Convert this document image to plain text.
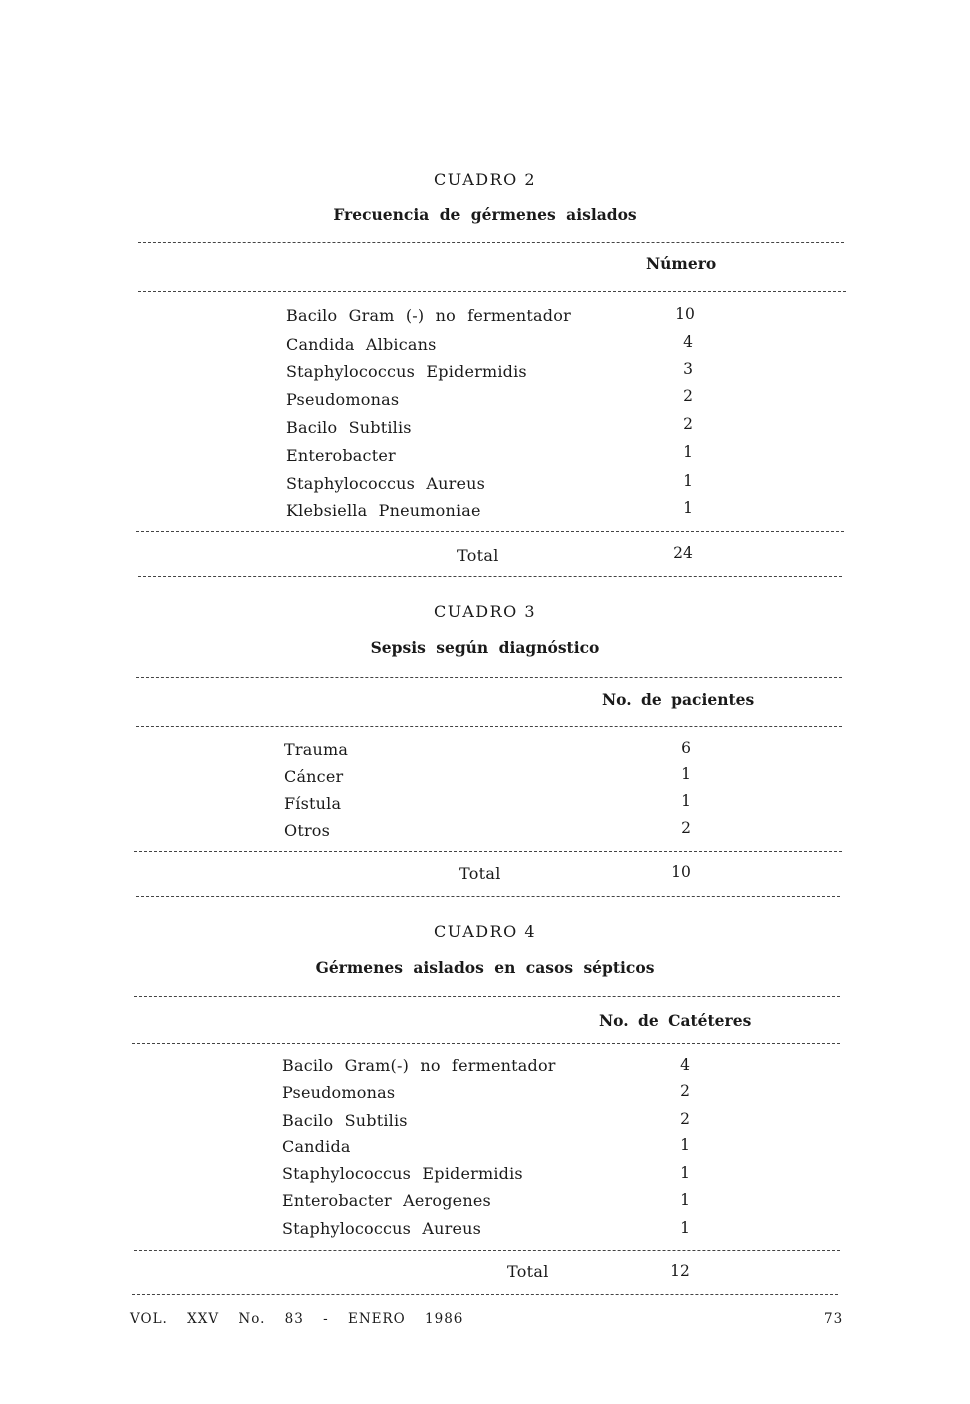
CUADRO 2
Frecuencia de gérmenes aislados
Número
Bacilo Gram (-) no fermentador	10
Candida Albicans	4
Staphylococcus Epidermidis	3
Pseudomonas	2
Bacilo Subtilis	2
Enterobacter	1
Staphylococcus Aureus	1
Klebsiella Pneumoniae	1
Total	24
CUADRO 3
Sepsis según diagnóstico
No. de pacientes
Trauma	6
Cáncer	1
Fístula	1
Otros	2
Total	10
CUADRO 4
Gérmenes aislados en casos sépticos
No. de Catéteres
Bacilo Gram(-) no fermentador	4
Pseudomonas	2
Bacilo Subtilis	2
Candida	1
Staphylococcus Epidermidis	1
Enterobacter Aerogenes	1
Staphylococcus Aureus	1
Total	12
VOL. XXV No. 83 - ENERO 1986	73
